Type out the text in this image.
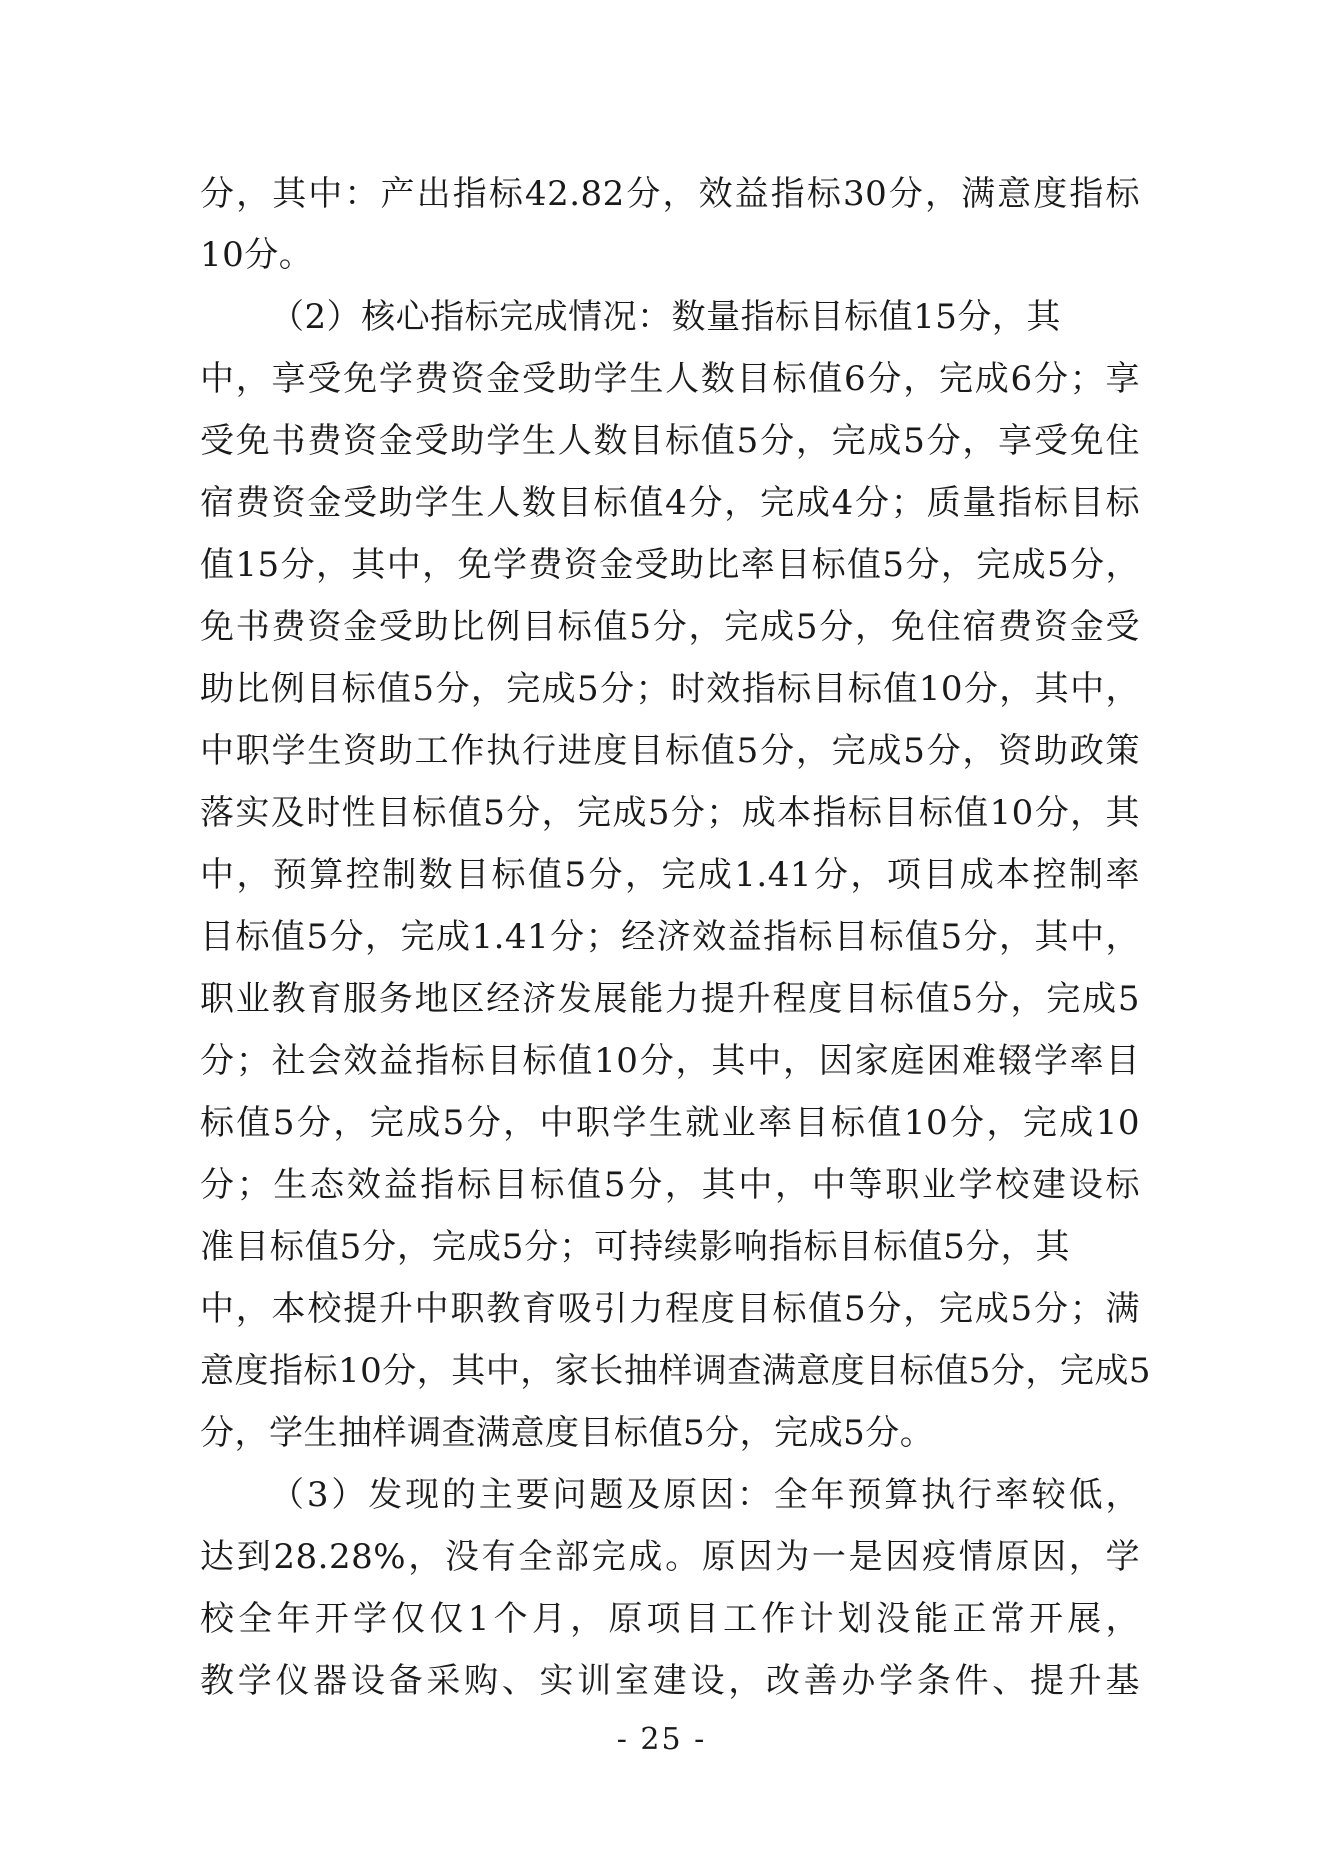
分，其中：产出指标42.82分，效益指标30分，满意度指标
10分。
（2）核心指标完成情况：数量指标目标值15分，其
中，享受免学费资金受助学生人数目标值6分，完成6分；享
受免书费资金受助学生人数目标值5分，完成5分，享受免住
宿费资金受助学生人数目标值4分，完成4分；质量指标目标
值15分，其中，免学费资金受助比率目标值5分，完成5分，
免书费资金受助比例目标值5分，完成5分，免住宿费资金受
助比例目标值5分，完成5分；时效指标目标值10分，其中，
中职学生资助工作执行进度目标值5分，完成5分，资助政策
落实及时性目标值5分，完成5分；成本指标目标值10分，其
中，预算控制数目标值5分，完成1.41分，项目成本控制率
目标值5分，完成1.41分；经济效益指标目标值5分，其中，
职业教育服务地区经济发展能力提升程度目标值5分，完成5
分；社会效益指标目标值10分，其中，因家庭困难辍学率目
标值5分，完成5分，中职学生就业率目标值10分，完成10
分；生态效益指标目标值5分，其中，中等职业学校建设标
准目标值5分，完成5分；可持续影响指标目标值5分，其
中，本校提升中职教育吸引力程度目标值5分，完成5分；满
意度指标10分，其中，家长抽样调查满意度目标值5分，完成5
分，学生抽样调查满意度目标值5分，完成5分。
（3）发现的主要问题及原因：全年预算执行率较低，
达到28.28%，没有全部完成。原因为一是因疫情原因，学
校全年开学仅仅1个月，原项目工作计划没能正常开展，
教学仪器设备采购、实训室建设，改善办学条件、提升基
- 25 -
